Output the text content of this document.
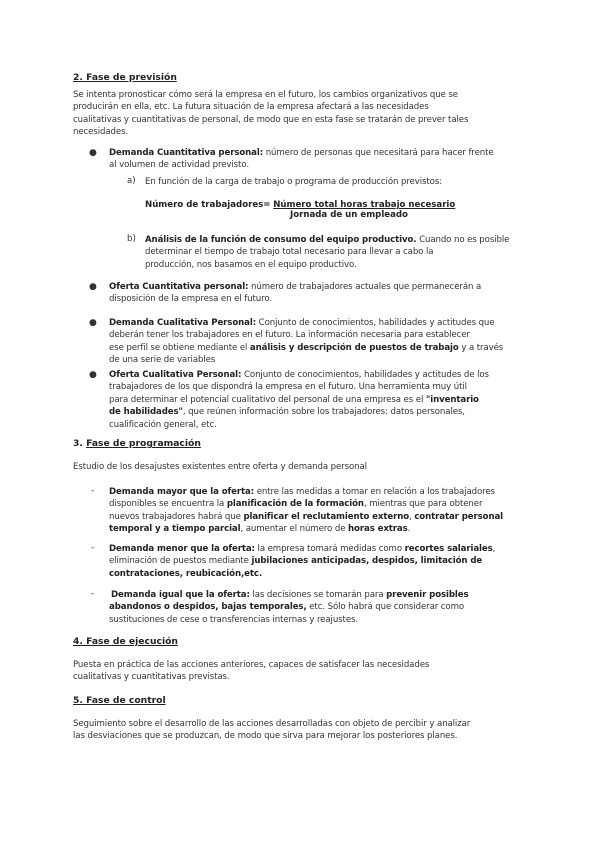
2. Fase de previsión
Se intenta pronosticar cómo será la empresa en el futuro, los cambios organizativos que se
producirán en ella, etc. La futura situación de la empresa afectará a las necesidades
cualitativas y cuantitativas de personal, de modo que en esta fase se tratarán de prever tales
necesidades.
● Demanda Cuantitativa personal: número de personas que necesitará para hacer frente
al volumen de actividad previsto.
a) En función de la carga de trabajo o programa de producción previstos:
Número de trabajadores= Número total horas trabajo necesario
Jornada de un empleado
b) Análisis de la función de consumo del equipo productivo. Cuando no es posible
determinar el tiempo de trabajo total necesario para llevar a cabo la
producción, nos basamos en el equipo productivo.
● Oferta Cuantitativa personal: número de trabajadores actuales que permanecerán a
disposición de la empresa en el futuro.
● Demanda Cualitativa Personal: Conjunto de conocimientos, habilidades y actitudes que
deberán tener los trabajadores en el futuro. La información necesaria para establecer
ese perfil se obtiene mediante el análisis y descripción de puestos de trabajo y a través
de una serie de variables
● Oferta Cualitativa Personal: Conjunto de conocimientos, habilidades y actitudes de los
trabajadores de los que dispondrá la empresa en el futuro. Una herramienta muy útil
para determinar el potencial cualitativo del personal de una empresa es el "inventario
de habilidades", que reúnen información sobre los trabajadores: datos personales,
cualificación general, etc.
3. Fase de programación
Estudio de los desajustes existentes entre oferta y demanda personal
- Demanda mayor que la oferta: entre las medidas a tomar en relación a los trabajadores
disponibles se encuentra la planificación de la formación, mientras que para obtener
nuevos trabajadores habrá que planificar el reclutamiento externo, contratar personal
temporal y a tiempo parcial, aumentar el número de horas extras.
- Demanda menor que la oferta: la empresa tomará medidas como recortes salariales,
eliminación de puestos mediante jubilaciones anticipadas, despidos, limitación de
contrataciones, reubicación,etc.
- Demanda igual que la oferta: las decisiones se tomarán para prevenir posibles
abandonos o despidos, bajas temporales, etc. Sólo habrá que considerar como
sustituciones de cese o transferencias internas y reajustes.
4. Fase de ejecución
Puesta en práctica de las acciones anteriores, capaces de satisfacer las necesidades
cualitativas y cuantitativas previstas.
5. Fase de control
Seguimiento sobre el desarrollo de las acciones desarrolladas con objeto de percibir y analizar
las desviaciones que se produzcan, de modo que sirva para mejorar los posteriores planes.
